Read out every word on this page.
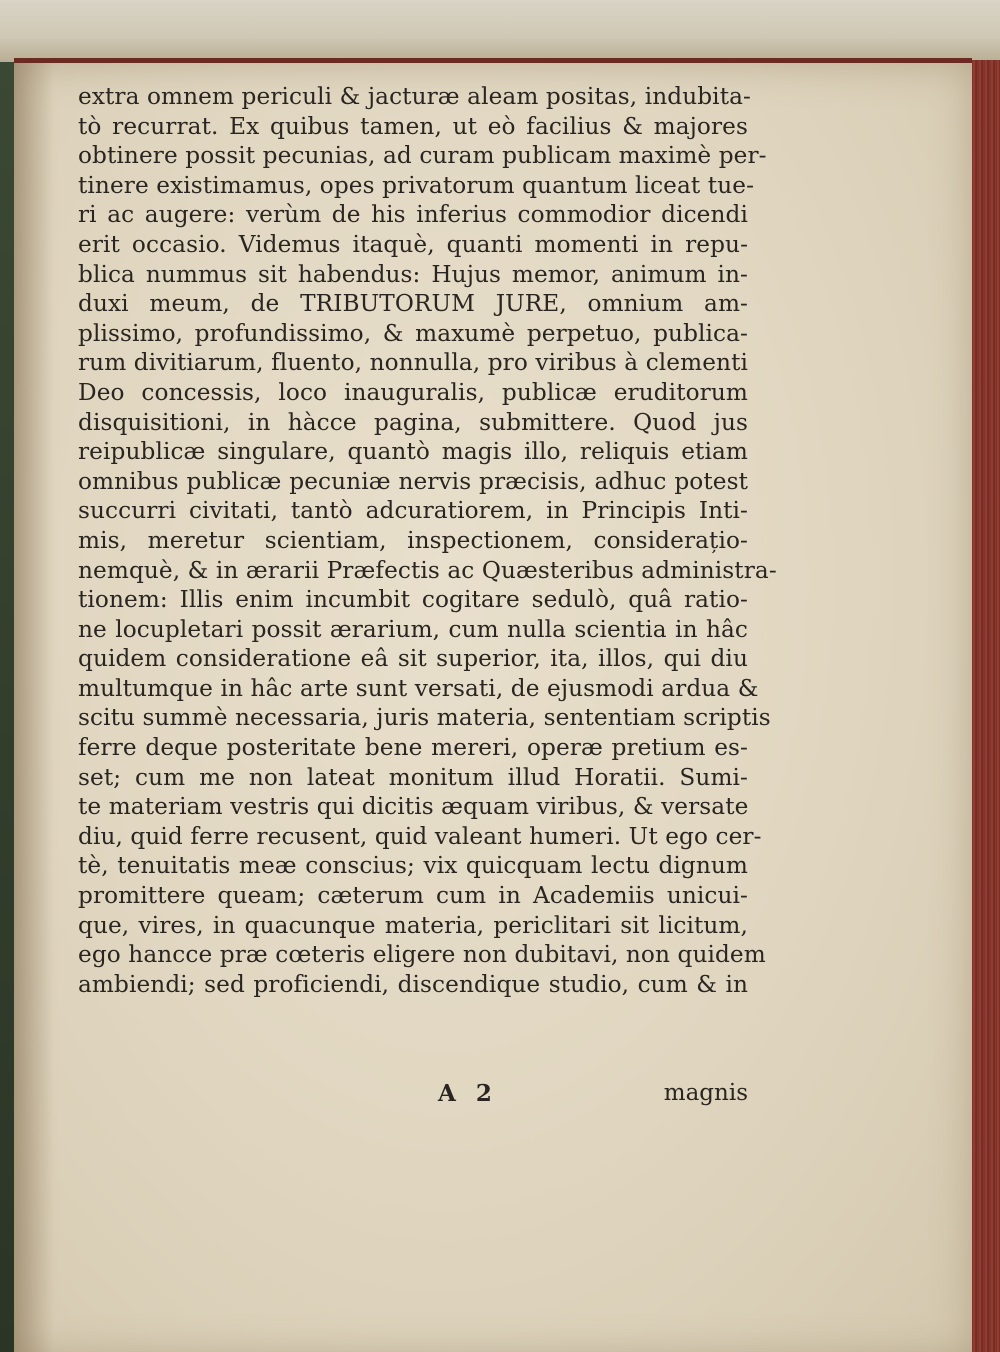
extra omnem periculi & jacturæ aleam positas, indubita-
tò recurrat. Ex quibus tamen, ut eò facilius & majores
obtinere possit pecunias, ad curam publicam maximè per-
tinere existimamus, opes privatorum quantum liceat tue-
ri ac augere: verùm de his inferius commodior dicendi
erit occasio. Videmus itaquè, quanti momenti in repu-
blica nummus sit habendus: Hujus memor, animum in-
duxi meum, de TRIBUTORUM JURE, omnium am-
plissimo, profundissimo, & maxumè perpetuo, publica-
rum divitiarum, fluento, nonnulla, pro viribus à clementi
Deo concessis, loco inauguralis, publicæ eruditorum
disquisitioni, in hàcce pagina, submittere. Quod jus
reipublicæ singulare, quantò magis illo, reliquis etiam
omnibus publicæ pecuniæ nervis præcisis, adhuc potest
succurri civitati, tantò adcuratiorem, in Principis Inti-
mis, meretur scientiam, inspectionem, considerațio-
nemquè, & in ærarii Præfectis ac Quæsteribus administra-
tionem: Illis enim incumbit cogitare sedulò, quâ ratio-
ne locupletari possit ærarium, cum nulla scientia in hâc
quidem consideratione eâ sit superior, ita, illos, qui diu
multumque in hâc arte sunt versati, de ejusmodi ardua &
scitu summè necessaria, juris materia, sententiam scriptis
ferre deque posteritate bene mereri, operæ pretium es-
set; cum me non lateat monitum illud Horatii. Sumi-
te materiam vestris qui dicitis æquam viribus, & versate
diu, quid ferre recusent, quid valeant humeri. Ut ego cer-
tè, tenuitatis meæ conscius; vix quicquam lectu dignum
promittere queam; cæterum cum in Academiis unicui-
que, vires, in quacunque materia, periclitari sit licitum,
ego hancce præ cœteris eligere non dubitavi, non quidem
ambiendi; sed proficiendi, discendique studio, cum & in
A 2	magnis
